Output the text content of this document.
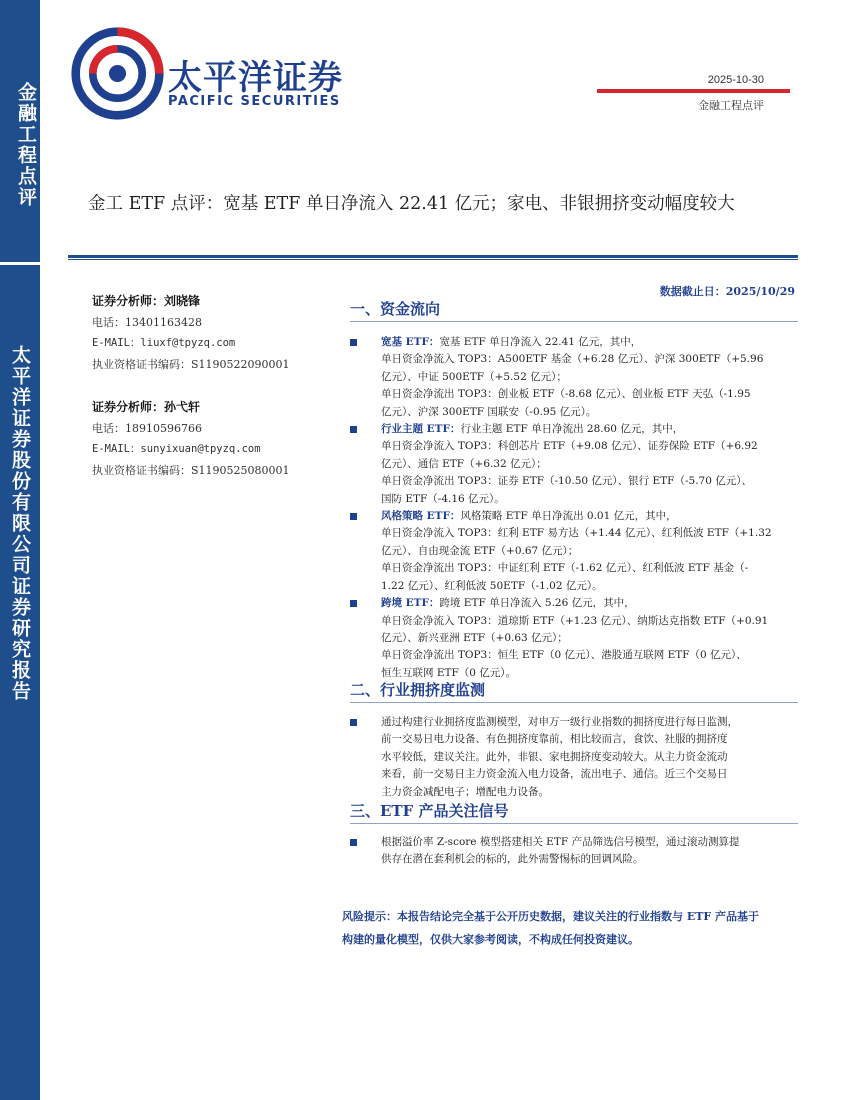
金融工程点评
太平洋证券股份有限公司证券研究报告
太平洋证券
PACIFIC SECURITIES
2025-10-30
金融工程点评
金工 ETF 点评：宽基 ETF 单日净流入 22.41 亿元；家电、非银拥挤变动幅度较大
数据截止日：2025/10/29
证券分析师：刘晓锋
电话：13401163428
E-MAIL：liuxf@tpyzq.com
执业资格证书编码：S1190522090001
证券分析师：孙弋轩
电话：18910596766
E-MAIL：sunyixuan@tpyzq.com
执业资格证书编码：S1190525080001
一、资金流向
宽基 ETF：宽基 ETF 单日净流入 22.41 亿元，其中，
单日资金净流入 TOP3：A500ETF 基金（+6.28 亿元）、沪深 300ETF（+5.96
亿元）、中证 500ETF（+5.52 亿元）；
单日资金净流出 TOP3：创业板 ETF（-8.68 亿元）、创业板 ETF 天弘（-1.95
亿元）、沪深 300ETF 国联安（-0.95 亿元）。
行业主题 ETF：行业主题 ETF 单日净流出 28.60 亿元，其中，
单日资金净流入 TOP3：科创芯片 ETF（+9.08 亿元）、证券保险 ETF（+6.92
亿元）、通信 ETF（+6.32 亿元）；
单日资金净流出 TOP3：证券 ETF（-10.50 亿元）、银行 ETF（-5.70 亿元）、
国防 ETF（-4.16 亿元）。
风格策略 ETF：风格策略 ETF 单日净流出 0.01 亿元，其中，
单日资金净流入 TOP3：红利 ETF 易方达（+1.44 亿元）、红利低波 ETF（+1.32
亿元）、自由现金流 ETF（+0.67 亿元）；
单日资金净流出 TOP3：中证红利 ETF（-1.62 亿元）、红利低波 ETF 基金（-
1.22 亿元）、红利低波 50ETF（-1.02 亿元）。
跨境 ETF：跨境 ETF 单日净流入 5.26 亿元，其中，
单日资金净流入 TOP3：道琼斯 ETF（+1.23 亿元）、纳斯达克指数 ETF（+0.91
亿元）、新兴亚洲 ETF（+0.63 亿元）；
单日资金净流出 TOP3：恒生 ETF（0 亿元）、港股通互联网 ETF（0 亿元）、
恒生互联网 ETF（0 亿元）。
二、行业拥挤度监测
通过构建行业拥挤度监测模型，对申万一级行业指数的拥挤度进行每日监测，
前一交易日电力设备、有色拥挤度靠前，相比较而言，食饮、社服的拥挤度
水平较低，建议关注。此外，非银、家电拥挤度变动较大。从主力资金流动
来看，前一交易日主力资金流入电力设备，流出电子、通信。近三个交易日
主力资金减配电子；增配电力设备。
三、ETF 产品关注信号
根据溢价率 Z-score 模型搭建相关 ETF 产品筛选信号模型，通过滚动测算提
供存在潜在套利机会的标的，此外需警惕标的回调风险。
风险提示：本报告结论完全基于公开历史数据，建议关注的行业指数与 ETF 产品基于
构建的量化模型，仅供大家参考阅读，不构成任何投资建议。
